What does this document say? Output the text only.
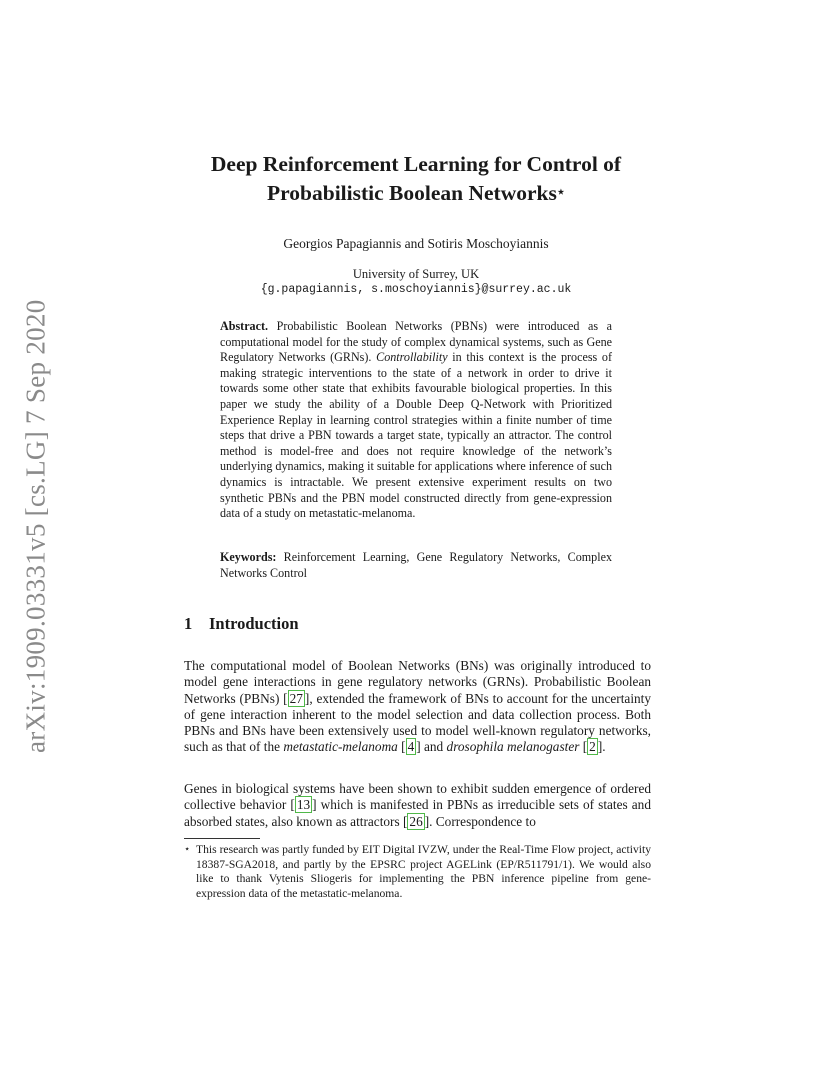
arXiv:1909.03331v5 [cs.LG] 7 Sep 2020
Deep Reinforcement Learning for Control of
Probabilistic Boolean Networks⋆
Georgios Papagiannis and Sotiris Moschoyiannis
University of Surrey, UK
{g.papagiannis, s.moschoyiannis}@surrey.ac.uk
Abstract. Probabilistic Boolean Networks (PBNs) were introduced as a computational model for the study of complex dynamical systems, such as Gene Regulatory Networks (GRNs). Controllability in this context is the process of making strategic interventions to the state of a network in order to drive it towards some other state that exhibits favourable biological properties. In this paper we study the ability of a Double Deep Q-Network with Prioritized Experience Replay in learning control strategies within a finite number of time steps that drive a PBN towards a target state, typically an attractor. The control method is model-free and does not require knowledge of the network’s underlying dynamics, making it suitable for applications where inference of such dynamics is intractable. We present extensive experiment results on two synthetic PBNs and the PBN model constructed directly from gene-expression data of a study on metastatic-melanoma.
Keywords: Reinforcement Learning, Gene Regulatory Networks, Complex Networks Control
1 Introduction
The computational model of Boolean Networks (BNs) was originally introduced to model gene interactions in gene regulatory networks (GRNs). Probabilistic Boolean Networks (PBNs) [ 27 ], extended the framework of BNs to account for the uncertainty of gene interaction inherent to the model selection and data collection process. Both PBNs and BNs have been extensively used to model well-known regulatory networks, such as that of the metastatic-melanoma [ 4 ] and drosophila melanogaster [ 2 ].
Genes in biological systems have been shown to exhibit sudden emergence of ordered collective behavior [ 13 ] which is manifested in PBNs as irreducible sets of states and absorbed states, also known as attractors [ 26 ]. Correspondence to
⋆ This research was partly funded by EIT Digital IVZW, under the Real-Time Flow project, activity 18387-SGA2018, and partly by the EPSRC project AGELink (EP/R511791/1). We would also like to thank Vytenis Sliogeris for implementing the PBN inference pipeline from gene-expression data of the metastatic-melanoma.
